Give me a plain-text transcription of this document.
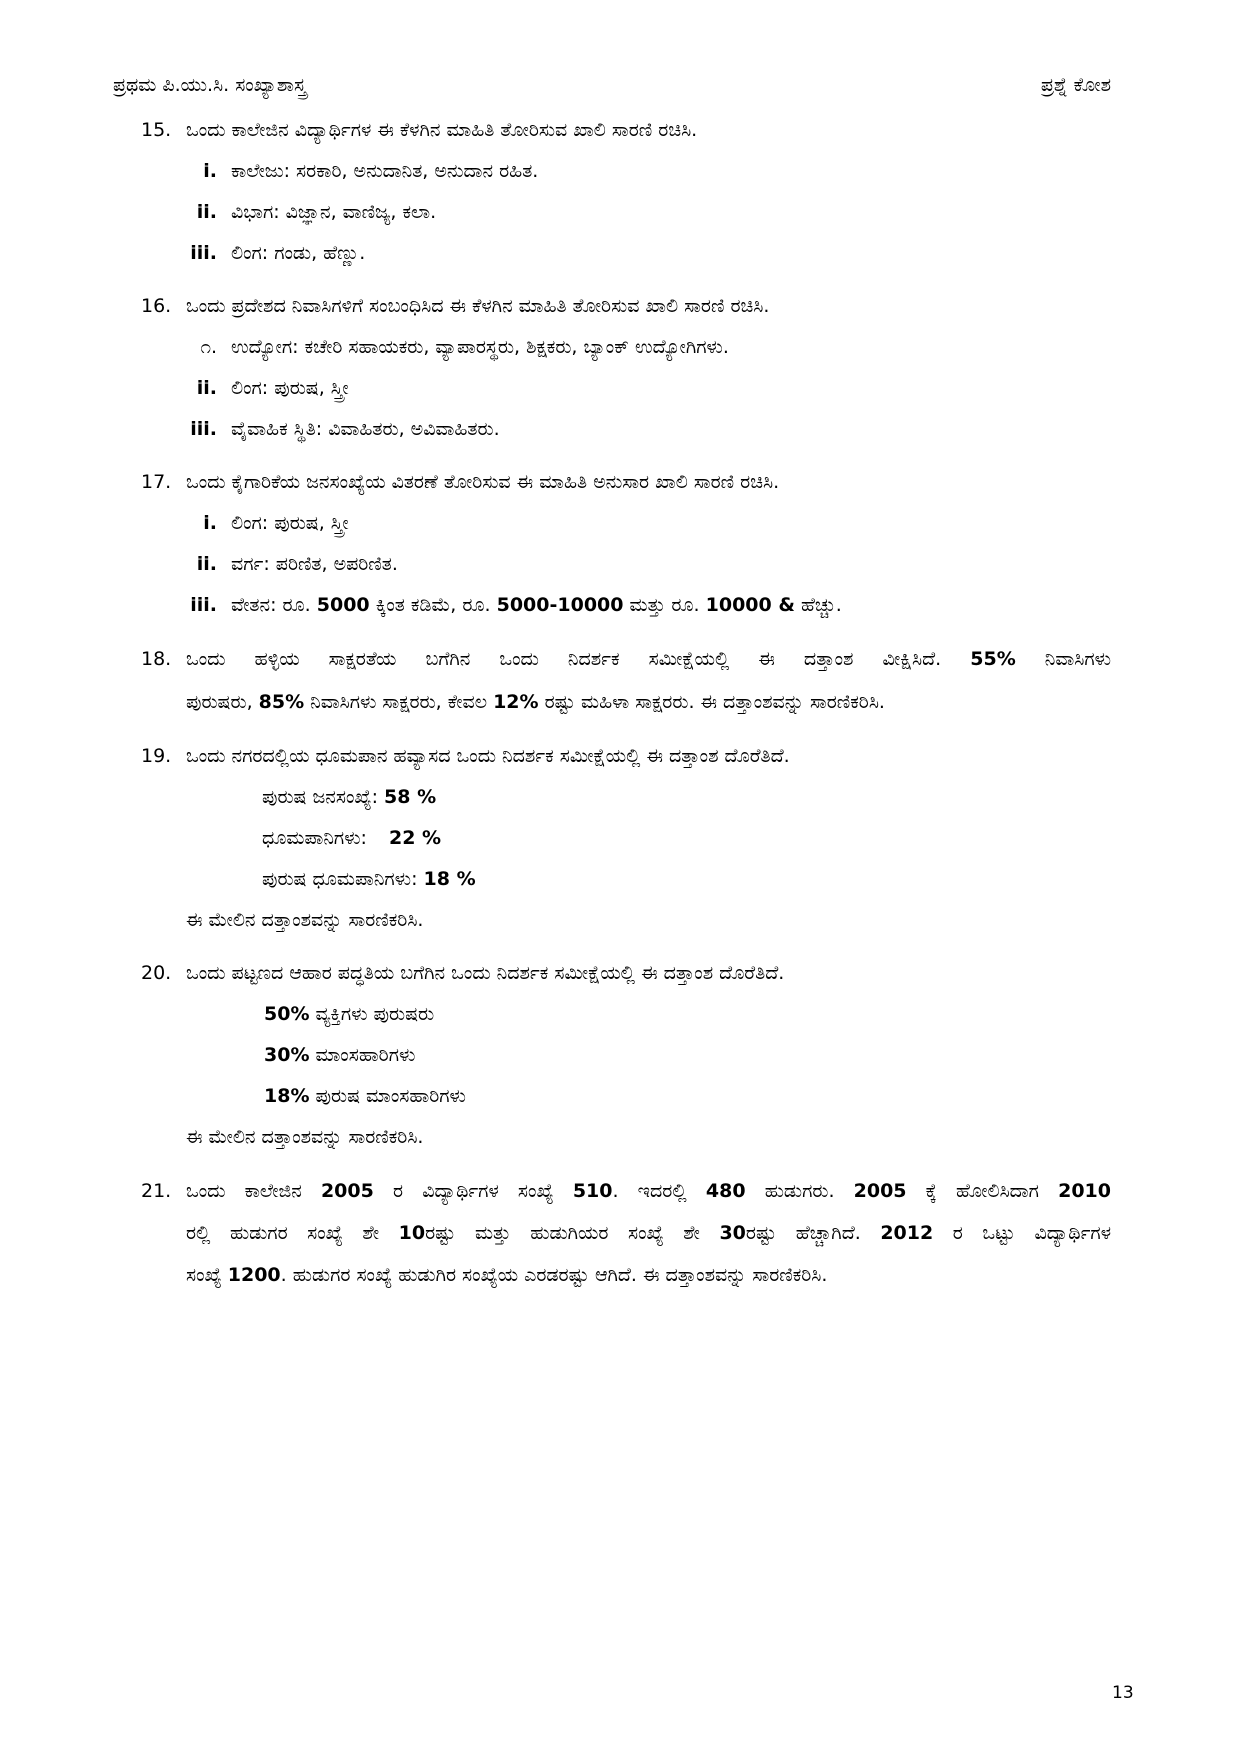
ಪ್ರಥಮ ಪಿ.ಯು.ಸಿ. ಸಂಖ್ಯಾಶಾಸ್ತ್ರ	ಪ್ರಶ್ನೆ ಕೋಶ
15. ಒಂದು ಕಾಲೇಜಿನ ವಿದ್ಯಾರ್ಥಿಗಳ ಈ ಕೆಳಗಿನ ಮಾಹಿತಿ ತೋರಿಸುವ ಖಾಲಿ ಸಾರಣಿ ರಚಿಸಿ.
i. ಕಾಲೇಜು: ಸರಕಾರಿ, ಅನುದಾನಿತ, ಅನುದಾನ ರಹಿತ.
ii. ವಿಭಾಗ: ವಿಜ್ಞಾನ, ವಾಣಿಜ್ಯ, ಕಲಾ.
iii. ಲಿಂಗ: ಗಂಡು, ಹೆಣ್ಣು.
16. ಒಂದು ಪ್ರದೇಶದ ನಿವಾಸಿಗಳಿಗೆ ಸಂಬಂಧಿಸಿದ ಈ ಕೆಳಗಿನ ಮಾಹಿತಿ ತೋರಿಸುವ ಖಾಲಿ ಸಾರಣಿ ರಚಿಸಿ.
೧. ಉದ್ಯೋಗ: ಕಚೇರಿ ಸಹಾಯಕರು, ವ್ಯಾಪಾರಸ್ಥರು, ಶಿಕ್ಷಕರು, ಬ್ಯಾಂಕ್ ಉದ್ಯೋಗಿಗಳು.
ii. ಲಿಂಗ: ಪುರುಷ, ಸ್ತ್ರೀ
iii. ವೈವಾಹಿಕ ಸ್ಥಿತಿ: ವಿವಾಹಿತರು, ಅವಿವಾಹಿತರು.
17. ಒಂದು ಕೈಗಾರಿಕೆಯ ಜನಸಂಖ್ಯೆಯ ವಿತರಣೆ ತೋರಿಸುವ ಈ ಮಾಹಿತಿ ಅನುಸಾರ ಖಾಲಿ ಸಾರಣಿ ರಚಿಸಿ.
i. ಲಿಂಗ: ಪುರುಷ, ಸ್ತ್ರೀ
ii. ವರ್ಗ: ಪರಿಣಿತ, ಅಪರಿಣಿತ.
iii. ವೇತನ: ರೂ. 5000 ಕ್ಕಿಂತ ಕಡಿಮೆ, ರೂ. 5000-10000 ಮತ್ತು ರೂ. 10000 & ಹೆಚ್ಚು.
18. ಒಂದು ಹಳ್ಳಿಯ ಸಾಕ್ಷರತೆಯ ಬಗೆಗಿನ ಒಂದು ನಿದರ್ಶಕ ಸಮೀಕ್ಷೆಯಲ್ಲಿ ಈ ದತ್ತಾಂಶ ವೀಕ್ಷಿಸಿದೆ. 55% ನಿವಾಸಿಗಳು
ಪುರುಷರು, 85% ನಿವಾಸಿಗಳು ಸಾಕ್ಷರರು, ಕೇವಲ 12% ರಷ್ಟು ಮಹಿಳಾ ಸಾಕ್ಷರರು. ಈ ದತ್ತಾಂಶವನ್ನು ಸಾರಣಿಕರಿಸಿ.
19. ಒಂದು ನಗರದಲ್ಲಿಯ ಧೂಮಪಾನ ಹವ್ಯಾಸದ ಒಂದು ನಿದರ್ಶಕ ಸಮೀಕ್ಷೆಯಲ್ಲಿ ಈ ದತ್ತಾಂಶ ದೊರೆತಿದೆ.
ಪುರುಷ ಜನಸಂಖ್ಯೆ: 58 %
ಧೂಮಪಾನಿಗಳು: 22 %
ಪುರುಷ ಧೂಮಪಾನಿಗಳು: 18 %
ಈ ಮೇಲಿನ ದತ್ತಾಂಶವನ್ನು ಸಾರಣಿಕರಿಸಿ.
20. ಒಂದು ಪಟ್ಟಣದ ಆಹಾರ ಪದ್ಧತಿಯ ಬಗೆಗಿನ ಒಂದು ನಿದರ್ಶಕ ಸಮೀಕ್ಷೆಯಲ್ಲಿ ಈ ದತ್ತಾಂಶ ದೊರೆತಿದೆ.
50% ವ್ಯಕ್ತಿಗಳು ಪುರುಷರು
30% ಮಾಂಸಹಾರಿಗಳು
18% ಪುರುಷ ಮಾಂಸಹಾರಿಗಳು
ಈ ಮೇಲಿನ ದತ್ತಾಂಶವನ್ನು ಸಾರಣಿಕರಿಸಿ.
21. ಒಂದು ಕಾಲೇಜಿನ 2005 ರ ವಿದ್ಯಾರ್ಥಿಗಳ ಸಂಖ್ಯೆ 510. ಇದರಲ್ಲಿ 480 ಹುಡುಗರು. 2005 ಕ್ಕೆ ಹೋಲಿಸಿದಾಗ 2010
ರಲ್ಲಿ ಹುಡುಗರ ಸಂಖ್ಯೆ ಶೇ 10ರಷ್ಟು ಮತ್ತು ಹುಡುಗಿಯರ ಸಂಖ್ಯೆ ಶೇ 30ರಷ್ಟು ಹೆಚ್ಚಾಗಿದೆ. 2012 ರ ಒಟ್ಟು ವಿದ್ಯಾರ್ಥಿಗಳ
ಸಂಖ್ಯೆ 1200. ಹುಡುಗರ ಸಂಖ್ಯೆ ಹುಡುಗಿರ ಸಂಖ್ಯೆಯ ಎರಡರಷ್ಟು ಆಗಿದೆ. ಈ ದತ್ತಾಂಶವನ್ನು ಸಾರಣಿಕರಿಸಿ.
13
